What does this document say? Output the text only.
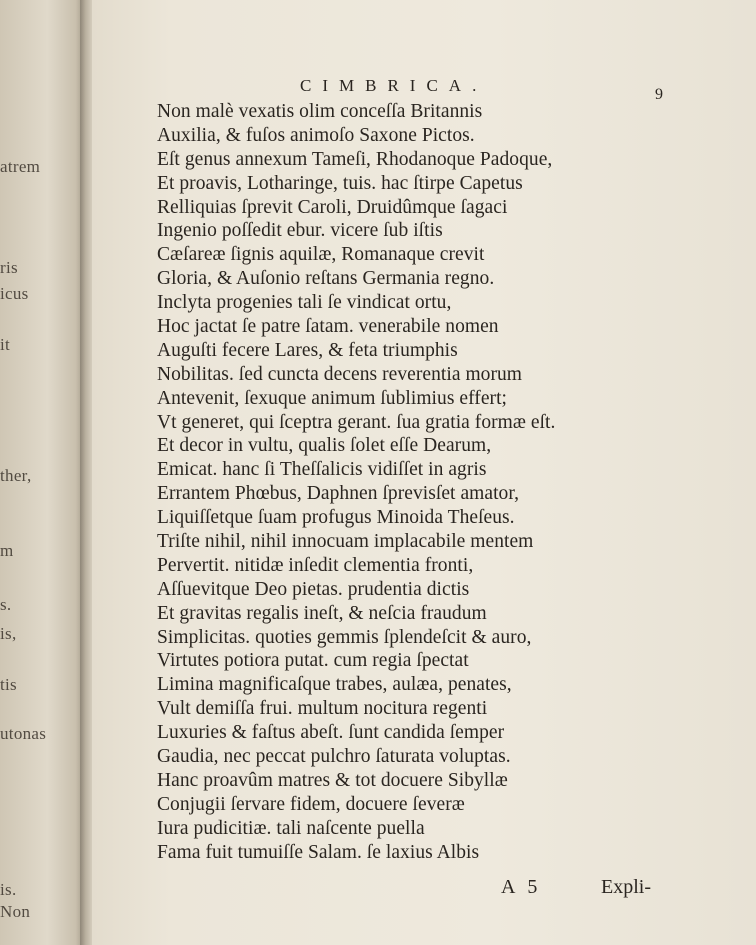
atrem
ris
icus
it
ther,
m
s.
is,
tis
utonas
is.
Non
CIMBRICA.	9
Non malè vexatis olim conceſſa Britannis
Auxilia, & fuſos animoſo Saxone Pictos.
Eſt genus annexum Tameſi, Rhodanoque Padoque,
Et proavis, Lotharinge, tuis. hac ſtirpe Capetus
Relliquias ſprevit Caroli, Druidûmque ſagaci
Ingenio poſſedit ebur. vicere ſub iſtis
Cæſareæ ſignis aquilæ, Romanaque crevit
Gloria, & Auſonio reſtans Germania regno.
Inclyta progenies tali ſe vindicat ortu,
Hoc jactat ſe patre ſatam. venerabile nomen
Auguſti fecere Lares, & feta triumphis
Nobilitas. ſed cuncta decens reverentia morum
Antevenit, ſexuque animum ſublimius effert;
Vt generet, qui ſceptra gerant. ſua gratia formæ eſt.
Et decor in vultu, qualis ſolet eſſe Dearum,
Emicat. hanc ſi Theſſalicis vidiſſet in agris
Errantem Phœbus, Daphnen ſprevisſet amator,
Liquiſſetque ſuam profugus Minoida Theſeus.
Triſte nihil, nihil innocuam implacabile mentem
Pervertit. nitidæ inſedit clementia fronti,
Aſſuevitque Deo pietas. prudentia dictis
Et gravitas regalis ineſt, & neſcia fraudum
Simplicitas. quoties gemmis ſplendeſcit & auro,
Virtutes potiora putat. cum regia ſpectat
Limina magnificaſque trabes, aulæa, penates,
Vult demiſſa frui. multum nocitura regenti
Luxuries & faſtus abeſt. ſunt candida ſemper
Gaudia, nec peccat pulchro ſaturata voluptas.
Hanc proavûm matres & tot docuere Sibyllæ
Conjugii ſervare fidem, docuere ſeveræ
Iura pudicitiæ. tali naſcente puella
Fama fuit tumuiſſe Salam. ſe laxius Albis
A 5	Expli-
